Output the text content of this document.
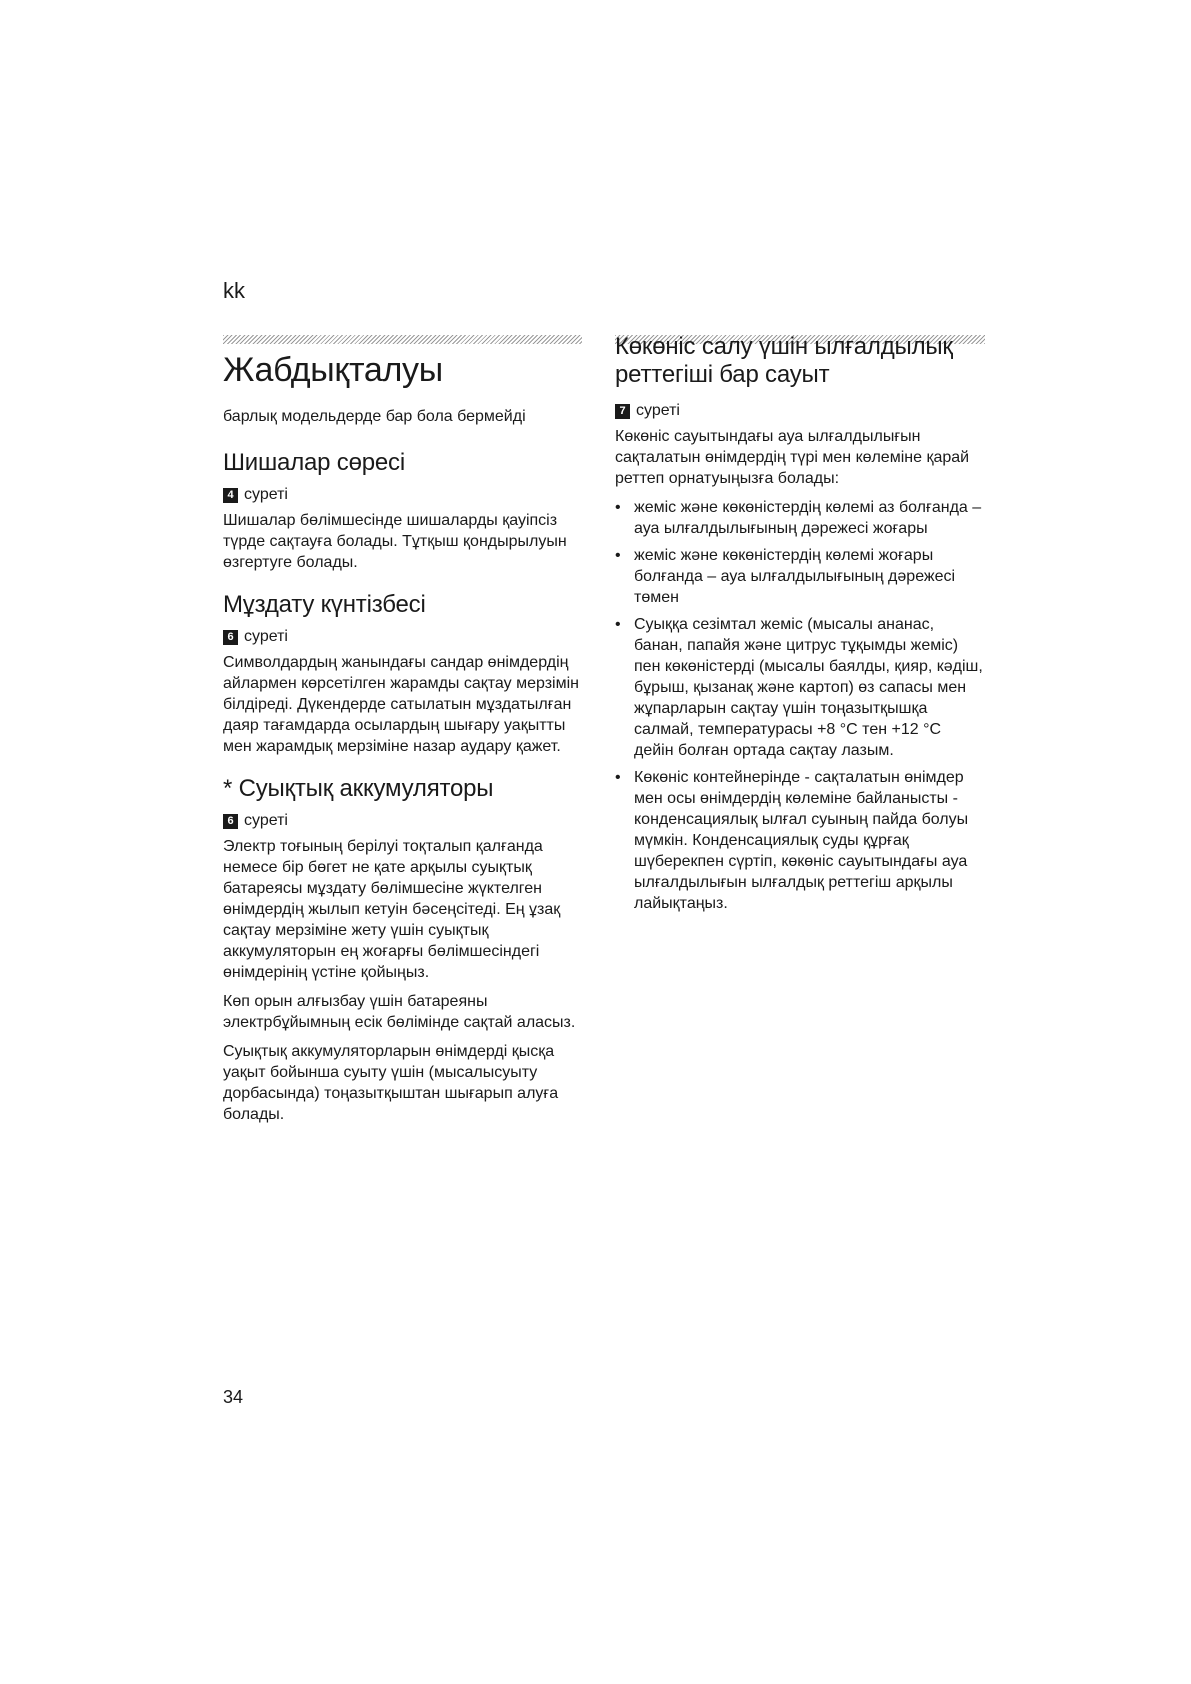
kk
Жабдықталуы

барлық модельдерде бар бола бермейді

Шишалар сөресі
4 суреті

Шишалар бөлімшесінде шишаларды қауіпсіз түрде сақтауға болады. Тұтқыш қондырылуын өзгертуге болады.

Мұздату күнтізбесі
6 суреті

Символдардың жанындағы сандар өнімдердің айлармен көрсетілген жарамды сақтау мерзімін білдіреді. Дүкендерде сатылатын мұздатылған даяр тағамдарда осылардың шығару уақытты мен жарамдық мерзіміне назар аудару қажет.

* Суықтық аккумуляторы
6 суреті

Электр тоғының берілуі тоқталып қалғанда немесе бір бөгет не қате арқылы суықтық батареясы мұздату бөлімшесіне жүктелген өнімдердің жылып кетуін бәсеңсітеді. Ең ұзақ сақтау мерзіміне жету үшін суықтық аккумуляторын ең жоғарғы бөлімшесіндегі өнімдерінің үстіне қойыңыз.

Көп орын алғызбау үшін батареяны электрбұйымның есік бөлімінде сақтай аласыз.

Суықтық аккумуляторларын өнімдерді қысқа уақыт бойынша суыту үшін (мысалысуыту дорбасында) тоңазытқыштан шығарып алуға болады.

Көкөніс салу үшін ылғалдылық реттегіші бар сауыт
7 суреті

Көкөніс сауытындағы ауа ылғалдылығын сақталатын өнімдердің түрі мен көлеміне қарай реттеп орнатуыңызға болады:

• жеміс және көкөністердің көлемі аз болғанда – ауа ылғалдылығының дәрежесі жоғары
• жеміс және көкөністердің көлемі жоғары болғанда – ауа ылғалдылығының дәрежесі төмен
• Суыққа сезімтал жеміс (мысалы ананас, банан, папайя және цитрус тұқымды жеміс) пен көкөністерді (мысалы баялды, қияр, кәдіш, бұрыш, қызанақ және картоп) өз сапасы мен жұпарларын сақтау үшін тоңазытқышқа салмай, температурасы +8 °C тен +12 °C дейін болған ортада сақтау лазым.
• Көкөніс контейнерінде - сақталатын өнімдер мен осы өнімдердің көлеміне байланысты - конденсациялық ылғал суының пайда болуы мүмкін. Конденсациялық суды құрғақ шүберекпен сүртіп, көкөніс сауытындағы ауа ылғалдылығын ылғалдық реттегіш арқылы лайықтаңыз.
34
